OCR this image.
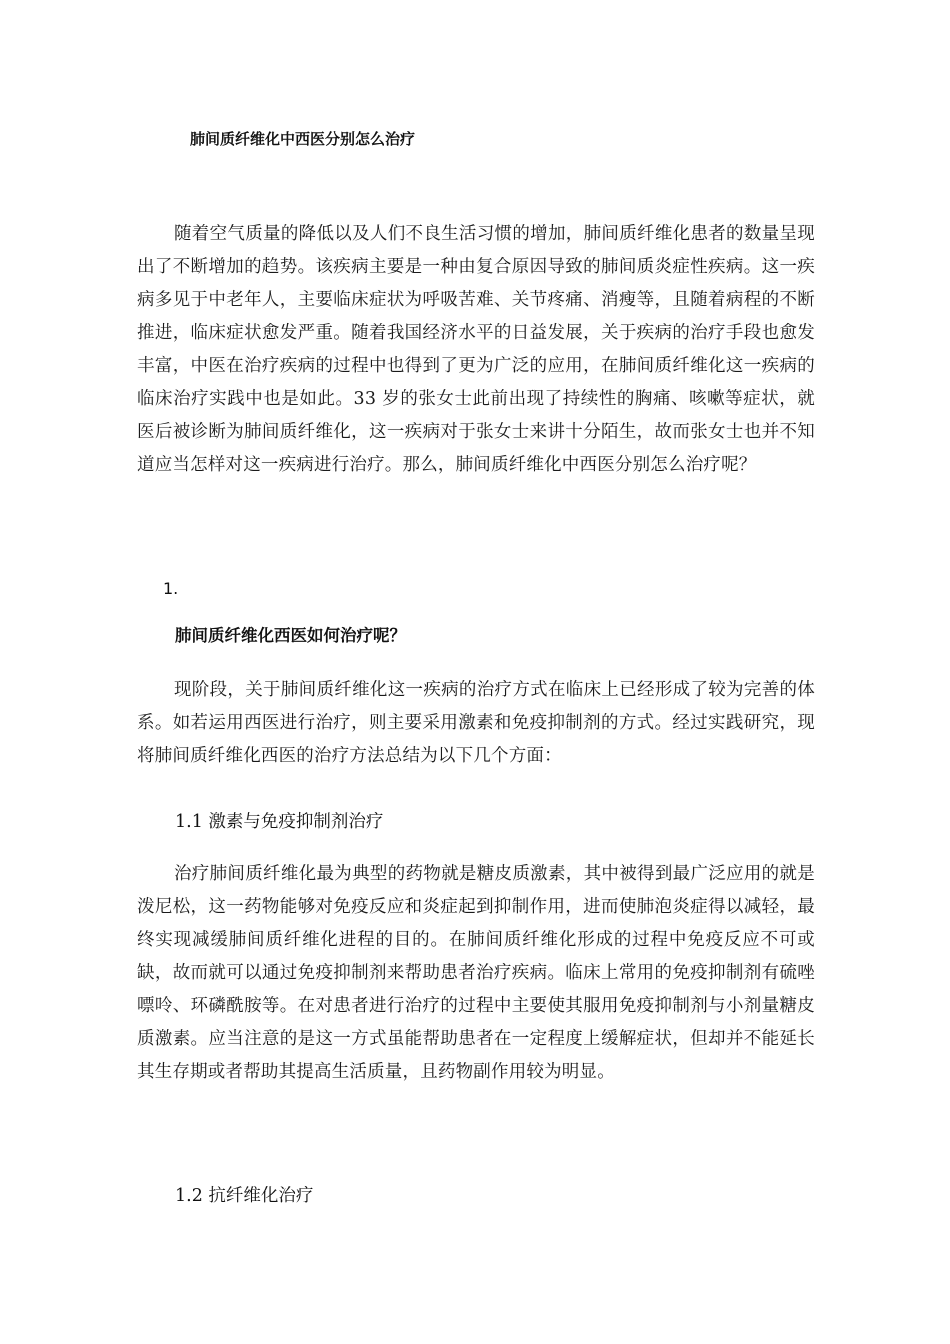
肺间质纤维化中西医分别怎么治疗

随着空气质量的降低以及人们不良生活习惯的增加，肺间质纤维化患者的数量呈现出了不断增加的趋势。该疾病主要是一种由复合原因导致的肺间质炎症性疾病。这一疾病多见于中老年人，主要临床症状为呼吸苦难、关节疼痛、消瘦等，且随着病程的不断推进，临床症状愈发严重。随着我国经济水平的日益发展，关于疾病的治疗手段也愈发丰富，中医在治疗疾病的过程中也得到了更为广泛的应用，在肺间质纤维化这一疾病的临床治疗实践中也是如此。33 岁的张女士此前出现了持续性的胸痛、咳嗽等症状，就医后被诊断为肺间质纤维化，这一疾病对于张女士来讲十分陌生，故而张女士也并不知道应当怎样对这一疾病进行治疗。那么，肺间质纤维化中西医分别怎么治疗呢？

1.
肺间质纤维化西医如何治疗呢？

现阶段，关于肺间质纤维化这一疾病的治疗方式在临床上已经形成了较为完善的体系。如若运用西医进行治疗，则主要采用激素和免疫抑制剂的方式。经过实践研究，现将肺间质纤维化西医的治疗方法总结为以下几个方面：

1.1 激素与免疫抑制剂治疗

治疗肺间质纤维化最为典型的药物就是糖皮质激素，其中被得到最广泛应用的就是泼尼松，这一药物能够对免疫反应和炎症起到抑制作用，进而使肺泡炎症得以减轻，最终实现减缓肺间质纤维化进程的目的。在肺间质纤维化形成的过程中免疫反应不可或缺，故而就可以通过免疫抑制剂来帮助患者治疗疾病。临床上常用的免疫抑制剂有硫唑嘌呤、环磷酰胺等。在对患者进行治疗的过程中主要使其服用免疫抑制剂与小剂量糖皮质激素。应当注意的是这一方式虽能帮助患者在一定程度上缓解症状，但却并不能延长其生存期或者帮助其提高生活质量，且药物副作用较为明显。

1.2 抗纤维化治疗
